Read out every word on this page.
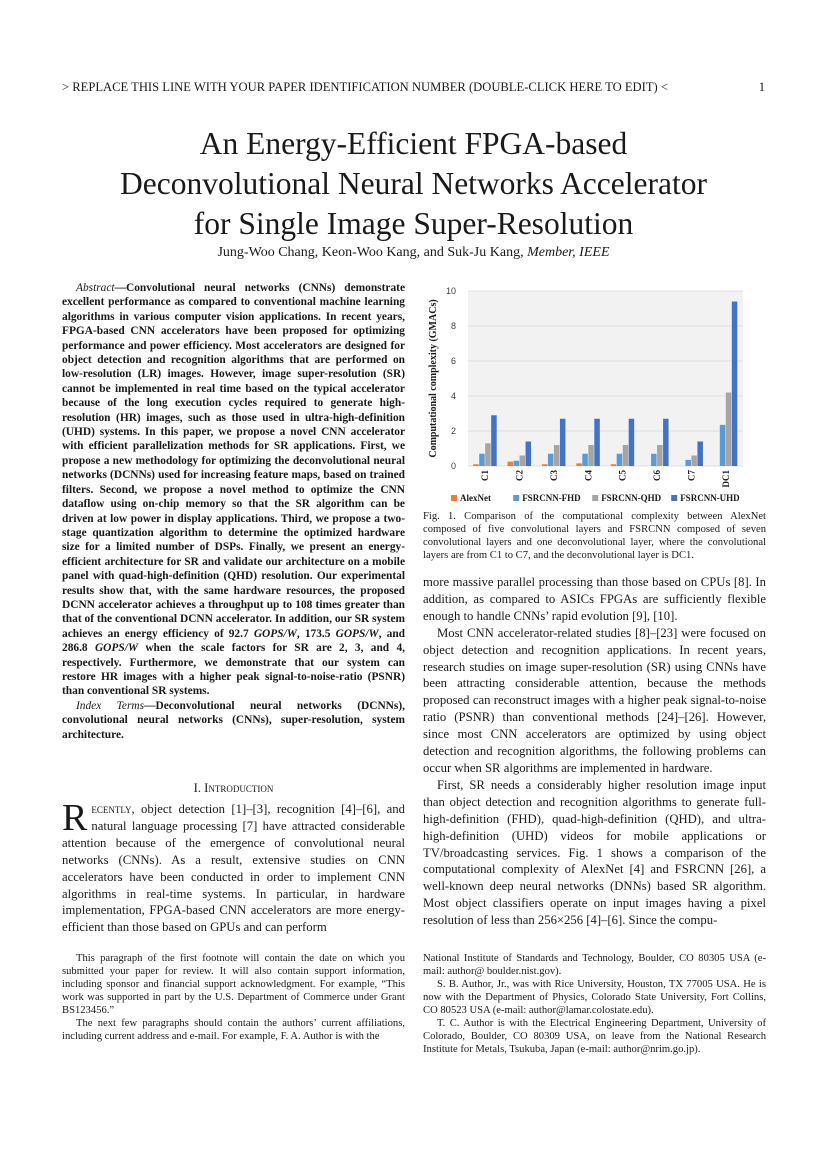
> REPLACE THIS LINE WITH YOUR PAPER IDENTIFICATION NUMBER (DOUBLE-CLICK HERE TO EDIT) <	1
An Energy-Efficient FPGA-based
Deconvolutional Neural Networks Accelerator
for Single Image Super-Resolution
Jung-Woo Chang, Keon-Woo Kang, and Suk-Ju Kang, Member, IEEE

Abstract—Convolutional neural networks (CNNs) demonstrate excellent performance as compared to conventional machine learning algorithms in various computer vision applications. In recent years, FPGA-based CNN accelerators have been proposed for optimizing performance and power efficiency. Most accelerators are designed for object detection and recognition algorithms that are performed on low-resolution (LR) images. However, image super-resolution (SR) cannot be implemented in real time based on the typical accelerator because of the long execution cycles required to generate high-resolution (HR) images, such as those used in ultra-high-definition (UHD) systems. In this paper, we propose a novel CNN accelerator with efficient parallelization methods for SR applications. First, we propose a new methodology for optimizing the deconvolutional neural networks (DCNNs) used for increasing feature maps, based on trained filters. Second, we propose a novel method to optimize the CNN dataflow using on-chip memory so that the SR algorithm can be driven at low power in display applications. Third, we propose a two-stage quantization algorithm to determine the optimized hardware size for a limited number of DSPs. Finally, we present an energy-efficient architecture for SR and validate our architecture on a mobile panel with quad-high-definition (QHD) resolution. Our experimental results show that, with the same hardware resources, the proposed DCNN accelerator achieves a throughput up to 108 times greater than that of the conventional DCNN accelerator. In addition, our SR system achieves an energy efficiency of 92.7 GOPS/W, 173.5 GOPS/W, and 286.8 GOPS/W when the scale factors for SR are 2, 3, and 4, respectively. Furthermore, we demonstrate that our system can restore HR images with a higher peak signal-to-noise-ratio (PSNR) than conventional SR systems.

Index Terms—Deconvolutional neural networks (DCNNs), convolutional neural networks (CNNs), super-resolution, system architecture.

I. Introduction

Recently, object detection [1]–[3], recognition [4]–[6], and natural language processing [7] have attracted considerable attention because of the emergence of convolutional neural networks (CNNs). As a result, extensive studies on CNN accelerators have been conducted in order to implement CNN algorithms in real-time systems. In particular, in hardware implementation, FPGA-based CNN accelerators are more energy-efficient than those based on GPUs and can perform

0
2
4
6
8
10
Computational complexity (GMACs)
C1	C2	C3	C4	C5	C6	C7	DC1
AlexNet	FSRCNN-FHD FSRCNN-QHD FSRCNN-UHD
Fig. 1. Comparison of the computational complexity between AlexNet composed of five convolutional layers and FSRCNN composed of seven convolutional layers and one deconvolutional layer, where the convolutional layers are from C1 to C7, and the deconvolutional layer is DC1.

more massive parallel processing than those based on CPUs [8]. In addition, as compared to ASICs FPGAs are sufficiently flexible enough to handle CNNs’ rapid evolution [9], [10].

Most CNN accelerator-related studies [8]–[23] were focused on object detection and recognition applications. In recent years, research studies on image super-resolution (SR) using CNNs have been attracting considerable attention, because the methods proposed can reconstruct images with a higher peak signal-to-noise ratio (PSNR) than conventional methods [24]–[26]. However, since most CNN accelerators are optimized by using object detection and recognition algorithms, the following problems can occur when SR algorithms are implemented in hardware.

First, SR needs a considerably higher resolution image input than object detection and recognition algorithms to generate full-high-definition (FHD), quad-high-definition (QHD), and ultra-high-definition (UHD) videos for mobile applications or TV/broadcasting services. Fig. 1 shows a comparison of the computational complexity of AlexNet [4] and FSRCNN [26], a well-known deep neural networks (DNNs) based SR algorithm. Most object classifiers operate on input images having a pixel resolution of less than 256×256 [4]–[6]. Since the compu-

This paragraph of the first footnote will contain the date on which you submitted your paper for review. It will also contain support information, including sponsor and financial support acknowledgment. For example, “This work was supported in part by the U.S. Department of Commerce under Grant BS123456.”

The next few paragraphs should contain the authors’ current affiliations, including current address and e-mail. For example, F. A. Author is with the

National Institute of Standards and Technology, Boulder, CO 80305 USA (e-mail: author@ boulder.nist.gov).

S. B. Author, Jr., was with Rice University, Houston, TX 77005 USA. He is now with the Department of Physics, Colorado State University, Fort Collins, CO 80523 USA (e-mail: author@lamar.colostate.edu).

T. C. Author is with the Electrical Engineering Department, University of Colorado, Boulder, CO 80309 USA, on leave from the National Research Institute for Metals, Tsukuba, Japan (e-mail: author@nrim.go.jp).
